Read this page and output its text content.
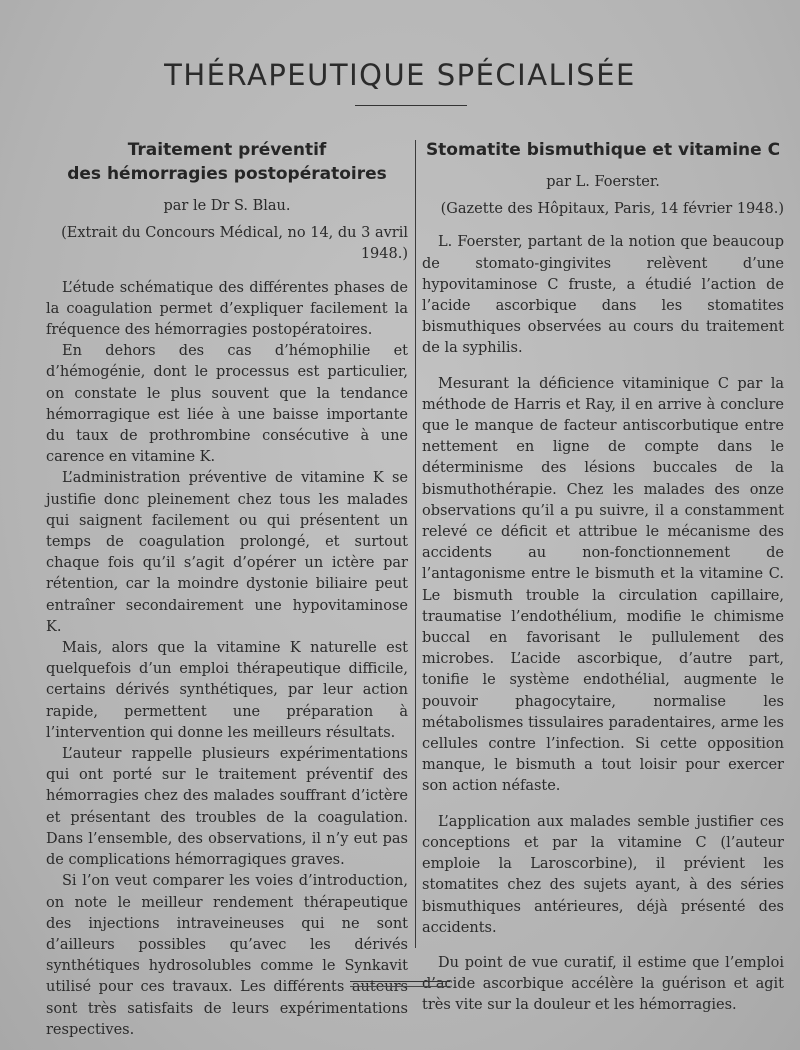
THÉRAPEUTIQUE SPÉCIALISÉE
Traitement préventif
des hémorragies postopératoires

par le Dr S. Blau.

(Extrait du Concours Médical, no 14, du 3 avril 1948.)

L’étude schématique des différentes phases de la coagulation permet d’expliquer facilement la fréquence des hémorragies postopératoires.

En dehors des cas d’hémophilie et d’hémogénie, dont le processus est particulier, on constate le plus souvent que la tendance hémorragique est liée à une baisse importante du taux de prothrombine consécutive à une carence en vitamine K.

L’administration préventive de vitamine K se justifie donc pleinement chez tous les malades qui saignent facilement ou qui présentent un temps de coagulation prolongé, et surtout chaque fois qu’il s’agit d’opérer un ictère par rétention, car la moindre dystonie biliaire peut entraîner secondairement une hypovitaminose K.

Mais, alors que la vitamine K naturelle est quelquefois d’un emploi thérapeutique difficile, certains dérivés synthétiques, par leur action rapide, permettent une préparation à l’intervention qui donne les meilleurs résultats.

L’auteur rappelle plusieurs expérimentations qui ont porté sur le traitement préventif des hémorragies chez des malades souffrant d’ictère et présentant des troubles de la coagulation. Dans l’ensemble, des observations, il n’y eut pas de complications hémorragiques graves.

Si l’on veut comparer les voies d’introduction, on note le meilleur rendement thérapeutique des injections intraveineuses qui ne sont d’ailleurs possibles qu’avec les dérivés synthétiques hydrosolubles comme le Synkavit utilisé pour ces travaux. Les différents auteurs sont très satisfaits de leurs expérimentations respectives.

Stomatite bismuthique et vitamine C

par L. Foerster.

(Gazette des Hôpitaux, Paris, 14 février 1948.)

L. Foerster, partant de la notion que beaucoup de stomato-gingivites relèvent d’une hypovitaminose C fruste, a étudié l’action de l’acide ascorbique dans les stomatites bismuthiques observées au cours du traitement de la syphilis.

Mesurant la déficience vitaminique C par la méthode de Harris et Ray, il en arrive à conclure que le manque de facteur antiscorbutique entre nettement en ligne de compte dans le déterminisme des lésions buccales de la bismuthothérapie. Chez les malades des onze observations qu’il a pu suivre, il a constamment relevé ce déficit et attribue le mécanisme des accidents au non-fonctionnement de l’antagonisme entre le bismuth et la vitamine C. Le bismuth trouble la circulation capillaire, traumatise l’endothélium, modifie le chimisme buccal en favorisant le pullulement des microbes. L’acide ascorbique, d’autre part, tonifie le système endothélial, augmente le pouvoir phagocytaire, normalise les métabolismes tissulaires paradentaires, arme les cellules contre l’infection. Si cette opposition manque, le bismuth a tout loisir pour exercer son action néfaste.

L’application aux malades semble justifier ces conceptions et par la vitamine C (l’auteur emploie la Laroscorbine), il prévient les stomatites chez des sujets ayant, à des séries bismuthiques antérieures, déjà présenté des accidents.

Du point de vue curatif, il estime que l’emploi d’acide ascorbique accélère la guérison et agit très vite sur la douleur et les hémorragies.
